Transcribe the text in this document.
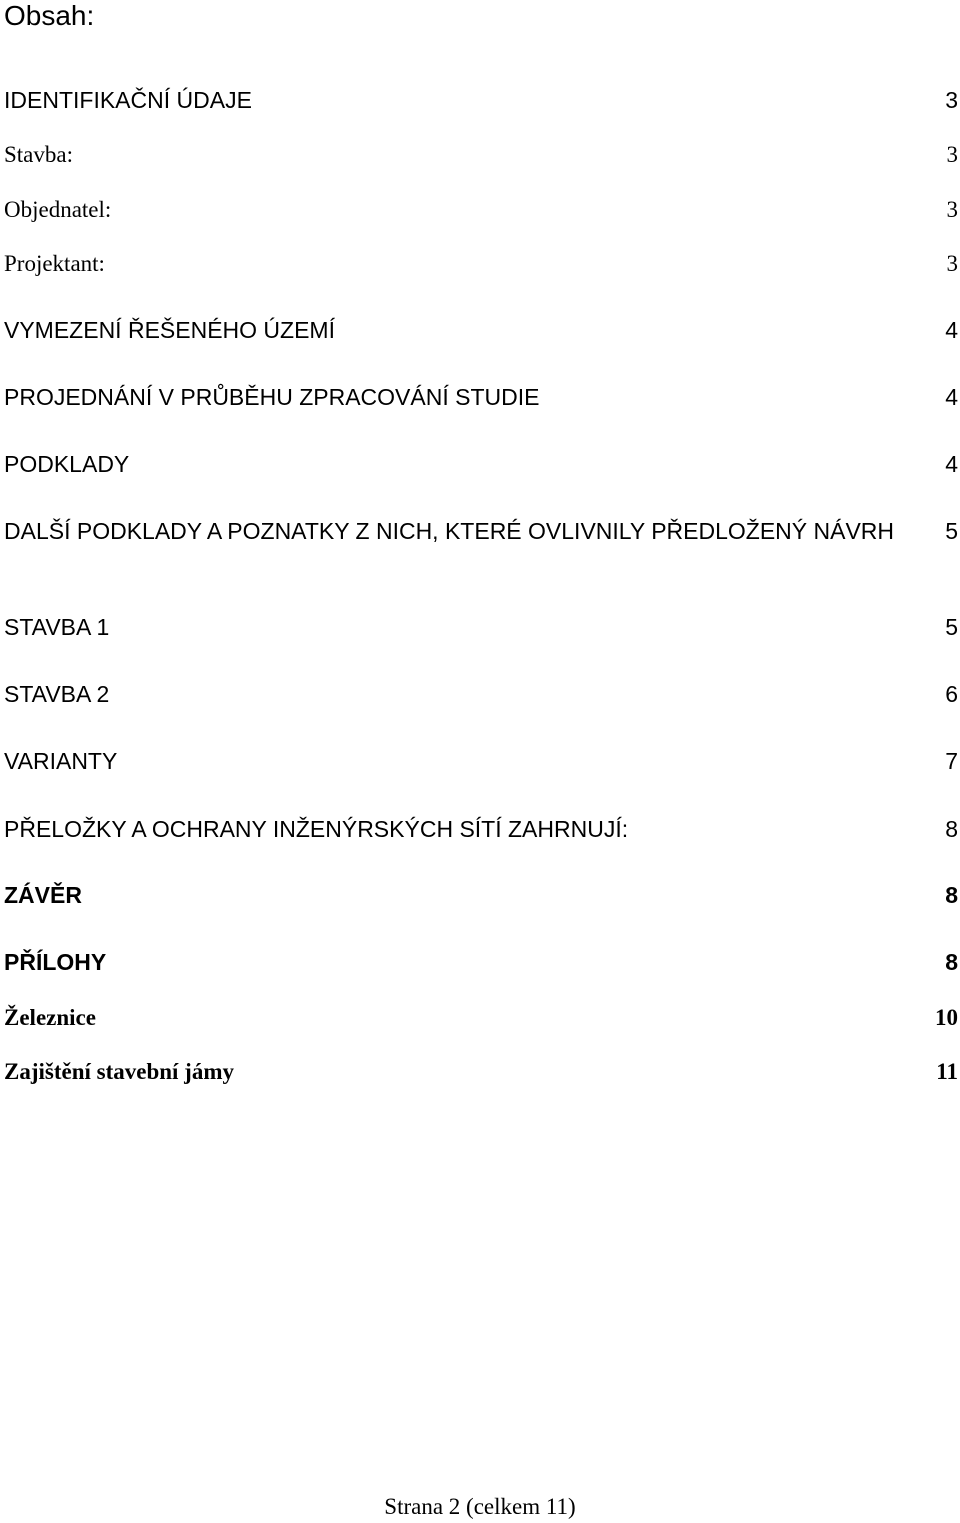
Obsah:
IDENTIFIKAČNÍ ÚDAJE	3
Stavba:	3
Objednatel:	3
Projektant:	3
VYMEZENÍ ŘEŠENÉHO ÚZEMÍ	4
PROJEDNÁNÍ V PRŮBĚHU ZPRACOVÁNÍ STUDIE	4
PODKLADY	4
DALŠÍ PODKLADY A POZNATKY Z NICH, KTERÉ OVLIVNILY PŘEDLOŽENÝ NÁVRH	5
STAVBA 1	5
STAVBA 2	6
VARIANTY	7
PŘELOŽKY A OCHRANY INŽENÝRSKÝCH SÍTÍ ZAHRNUJÍ:	8
ZÁVĚR	8
PŘÍLOHY	8
Železnice	10
Zajištění stavební jámy	11
Strana 2 (celkem 11)
